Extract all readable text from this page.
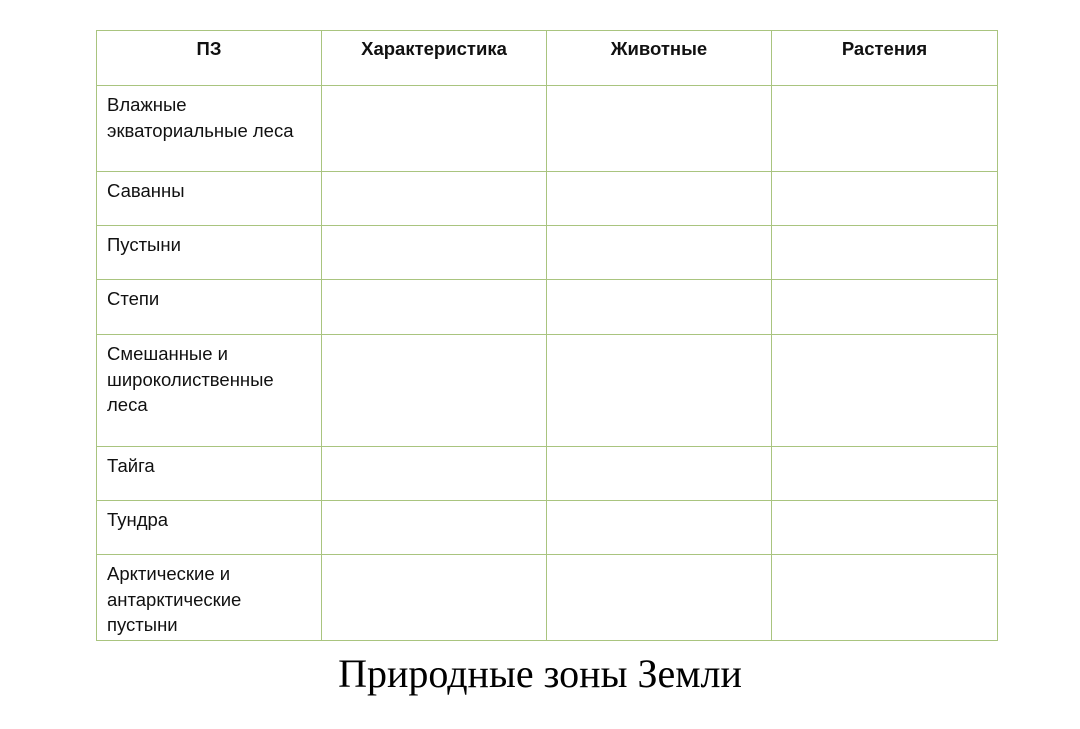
ПЗ	Характеристика	Животные	Растения

Влажные экваториальные леса			

Саванны			

Пустыни			

Степи			

Смешанные и широколиственные леса			

Тайга			

Тундра			

Арктические и антарктические пустыни			

Природные зоны Земли
